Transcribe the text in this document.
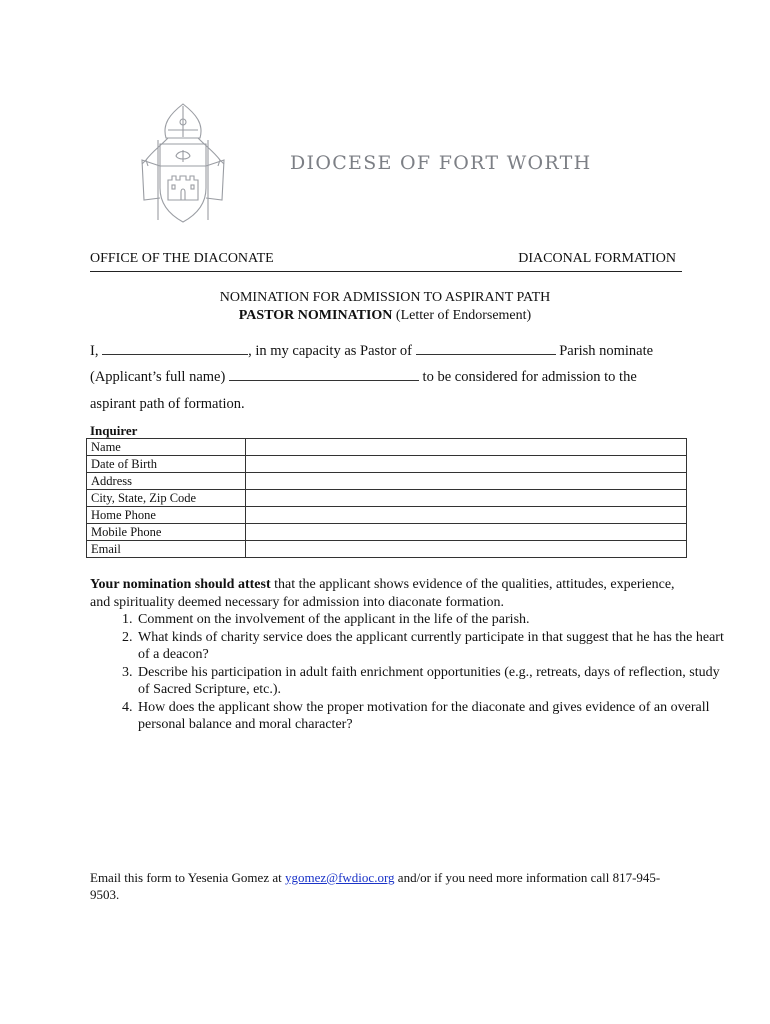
DIOCESE OF FORT WORTH
OFFICE OF THE DIACONATE	DIACONAL FORMATION
NOMINATION FOR ADMISSION TO ASPIRANT PATH
PASTOR NOMINATION (Letter of Endorsement)
I,	, in my capacity as Pastor of	Parish nominate
(Applicant’s full name)	to be considered for admission to the
aspirant path of formation.
Inquirer
Name	
Date of Birth	
Address	
City, State, Zip Code	
Home Phone	
Mobile Phone	
Email	
Your nomination should attest that the applicant shows evidence of the qualities, attitudes, experience, and spirituality deemed necessary for admission into diaconate formation.
1. Comment on the involvement of the applicant in the life of the parish.
2. What kinds of charity service does the applicant currently participate in that suggest that he has the heart of a deacon?
3. Describe his participation in adult faith enrichment opportunities (e.g., retreats, days of reflection, study of Sacred Scripture, etc.).
4. How does the applicant show the proper motivation for the diaconate and gives evidence of an overall personal balance and moral character?
Email this form to Yesenia Gomez at ygomez@fwdioc.org and/or if you need more information call 817-945-9503.
